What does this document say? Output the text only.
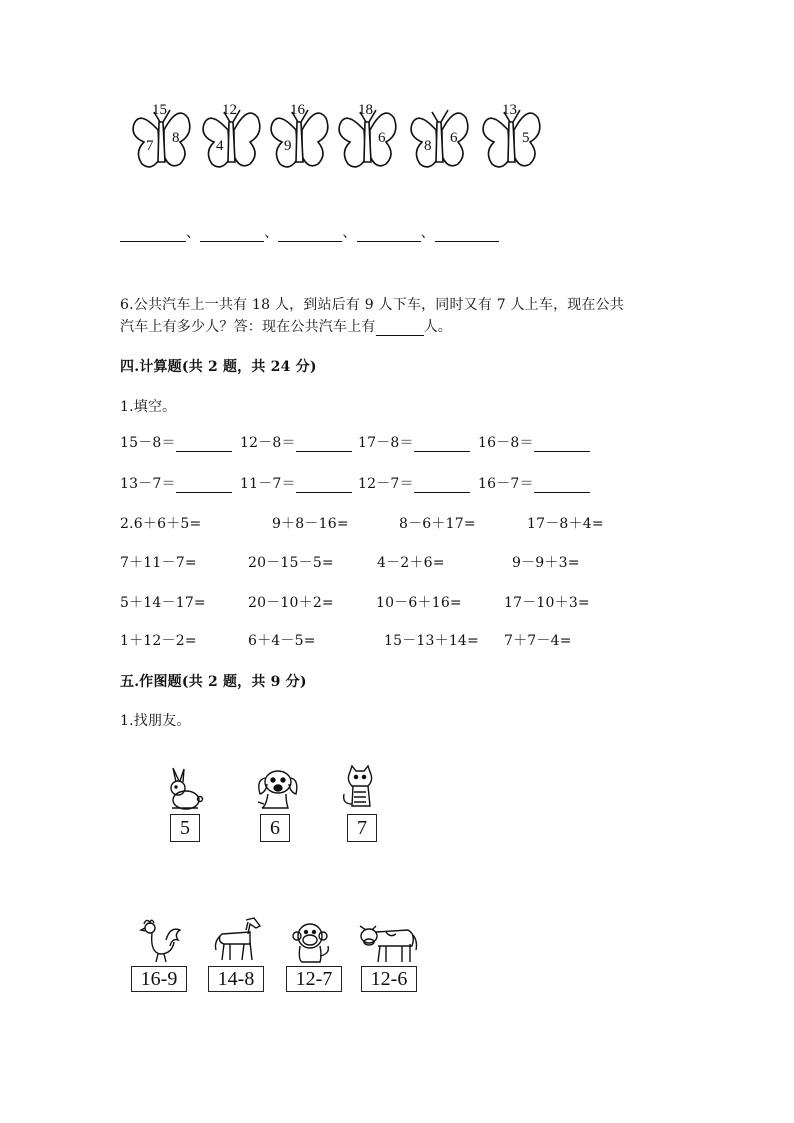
15
7 8
12
4
16
9
18
6	8 6
13
5
、	、	、	、
6.公共汽车上一共有 18 人，到站后有 9 人下车，同时又有 7 人上车，现在公共
汽车上有多少人？答：现在公共汽车上有	人。
四.计算题(共 2 题，共 24 分)
1.填空。
15－8＝	12－8＝	17－8＝	16－8＝
13－7＝	11－7＝	12－7＝	16－7＝
2.6＋6＋5=	9＋8－16=	8－6＋17=	17－8＋4=
7＋11－7=	20－15－5=	4－2＋6=	9－9＋3=
5＋14－17=	20－10＋2=	10－6＋16=	17－10＋3=
1＋12－2=	6＋4－5=	15－13＋14= 7＋7－4=
五.作图题(共 2 题，共 9 分)
1.找朋友。
5	6	7
16-9	14-8	12-7	12-6
